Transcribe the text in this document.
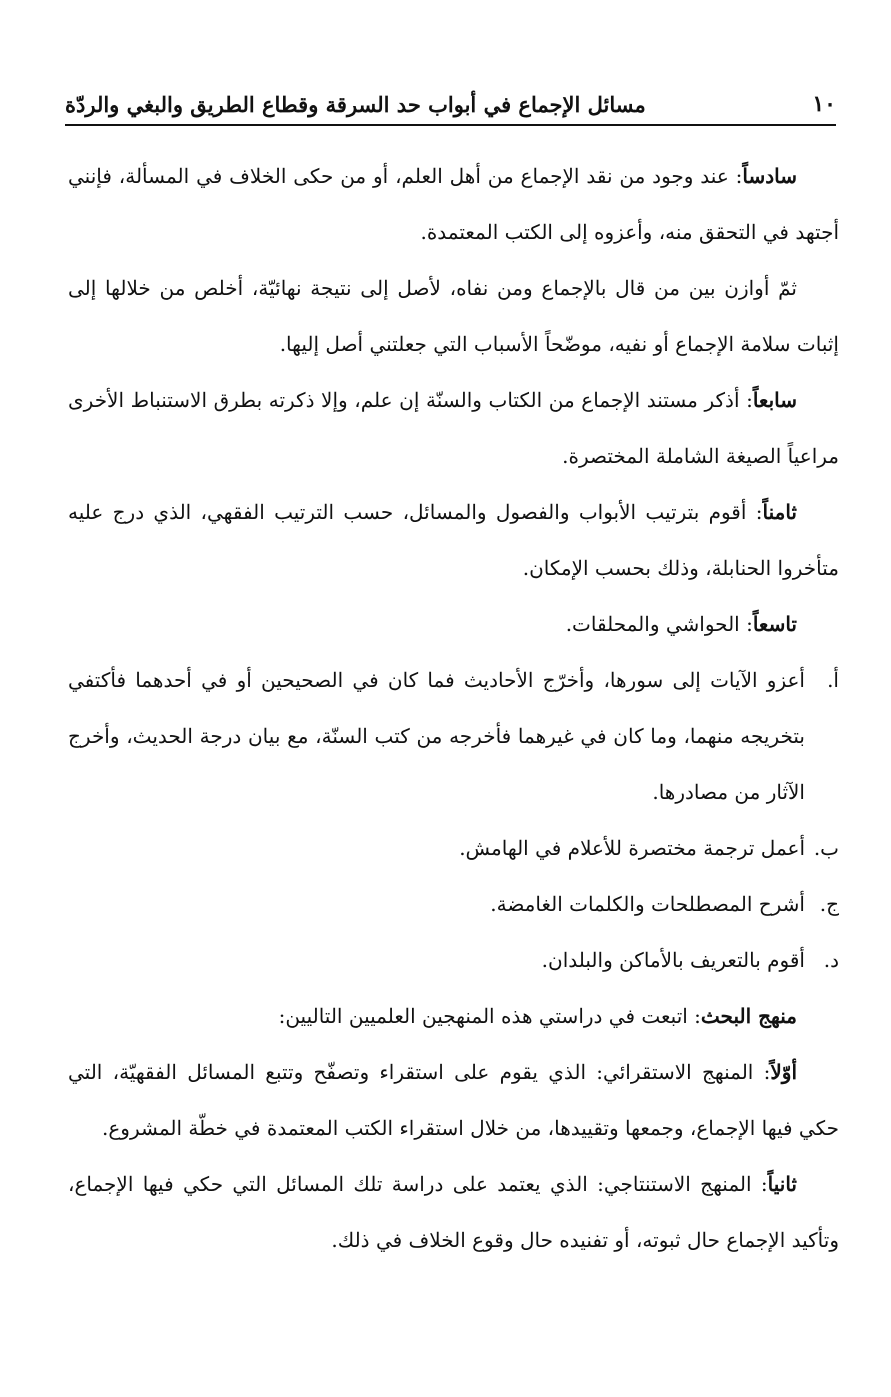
١٠
مسائل الإجماع في أبواب حد السرقة وقطاع الطريق والبغي والردّة

سادساً: عند وجود من نقد الإجماع من أهل العلم، أو من حكى الخلاف في المسألة، فإنني أجتهد في التحقق منه، وأعزوه إلى الكتب المعتمدة.

ثمّ أوازن بين من قال بالإجماع ومن نفاه، لأصل إلى نتيجة نهائيّة، أخلص من خلالها إلى إثبات سلامة الإجماع أو نفيه، موضّحاً الأسباب التي جعلتني أصل إليها.

سابعاً: أذكر مستند الإجماع من الكتاب والسنّة إن علم، وإلا ذكرته بطرق الاستنباط الأخرى مراعياً الصيغة الشاملة المختصرة.

ثامناً: أقوم بترتيب الأبواب والفصول والمسائل، حسب الترتيب الفقهي، الذي درج عليه متأخروا الحنابلة، وذلك بحسب الإمكان.

تاسعاً: الحواشي والمحلقات.

أ.
أعزو الآيات إلى سورها، وأخرّج الأحاديث فما كان في الصحيحين أو في أحدهما فأكتفي بتخريجه منهما، وما كان في غيرهما فأخرجه من كتب السنّة، مع بيان درجة الحديث، وأخرج الآثار من مصادرها.

ب.
أعمل ترجمة مختصرة للأعلام في الهامش.

ج.
أشرح المصطلحات والكلمات الغامضة.

د.
أقوم بالتعريف بالأماكن والبلدان.

منهج البحث: اتبعت في دراستي هذه المنهجين العلميين التاليين:

أوّلاً: المنهج الاستقرائي: الذي يقوم على استقراء وتصفّح وتتبع المسائل الفقهيّة، التي حكي فيها الإجماع، وجمعها وتقييدها، من خلال استقراء الكتب المعتمدة في خطّة المشروع.

ثانياً: المنهج الاستنتاجي: الذي يعتمد على دراسة تلك المسائل التي حكي فيها الإجماع، وتأكيد الإجماع حال ثبوته، أو تفنيده حال وقوع الخلاف في ذلك.
